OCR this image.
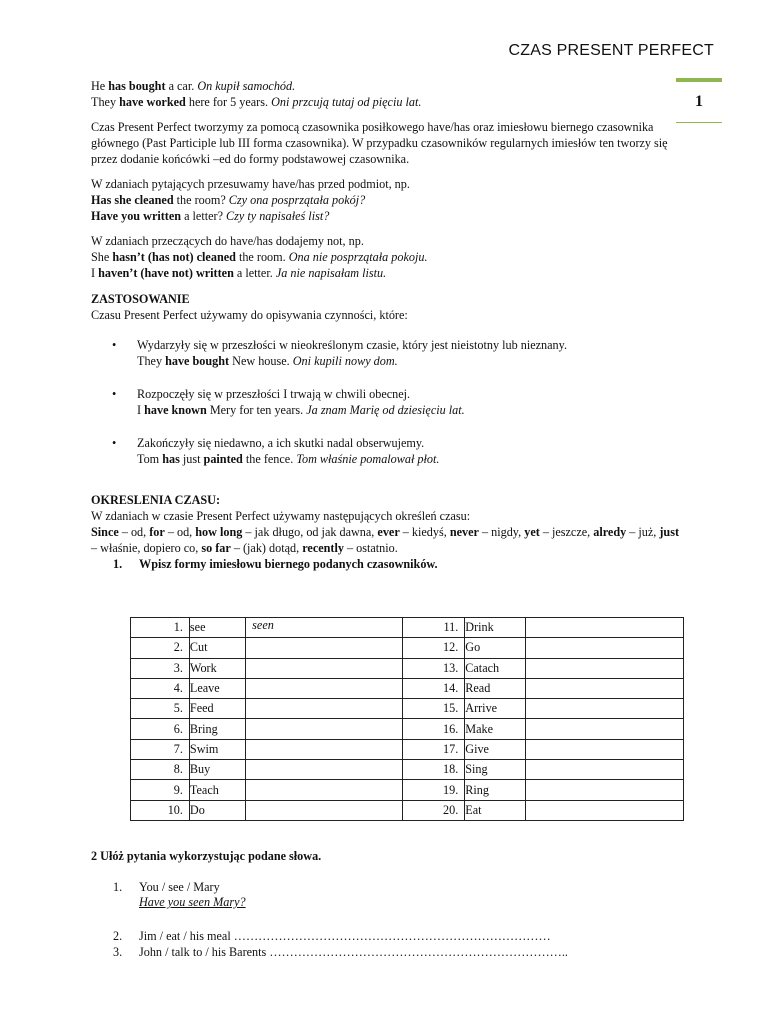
CZAS PRESENT PERFECT
1

He has bought a car. On kupił samochód.

They have worked here for 5 years. Oni przcują tutaj od pięciu lat.

Czas Present Perfect tworzymy za pomocą czasownika posiłkowego have/has oraz imiesłowu biernego czasownika głównego (Past Participle lub III forma czasownika). W przypadku czasowników regularnych imiesłów ten tworzy się przez dodanie końcówki –ed do formy podstawowej czasownika.

W zdaniach pytających przesuwamy have/has przed podmiot, np.

Has she cleaned the room? Czy ona posprzątała pokój?

Have you written a letter? Czy ty napisałeś list?

W zdaniach przeczących do have/has dodajemy not, np.

She hasn’t (has not) cleaned the room. Ona nie posprzątała pokoju.

I haven’t (have not) written a letter. Ja nie napisałam listu.

ZASTOSOWANIE

Czasu Present Perfect używamy do opisywania czynności, które:

• Wydarzyły się w przeszłości w nieokreślonym czasie, który jest nieistotny lub nieznany.
They have bought New house. Oni kupili nowy dom.
• Rozpoczęły się w przeszłości I trwają w chwili obecnej.
I have known Mery for ten years. Ja znam Marię od dziesięciu lat.
• Zakończyły się niedawno, a ich skutki nadal obserwujemy.
Tom has just painted the fence. Tom właśnie pomalował płot.

OKRESLENIA CZASU:

W zdaniach w czasie Present Perfect używamy następujących określeń czasu:

Since – od, for – od, how long – jak długo, od jak dawna, ever – kiedyś, never – nigdy, yet – jeszcze, alredy – już, just – właśnie, dopiero co, so far – (jak) dotąd, recently – ostatnio.

1. Wpisz formy imiesłowu biernego podanych czasowników.

1.	see	seen	11.	Drink	
2.	Cut		12.	Go	
3.	Work		13.	Catach	
4.	Leave		14.	Read	
5.	Feed		15.	Arrive	
6.	Bring		16.	Make	
7.	Swim		17.	Give	
8.	Buy		18.	Sing	
9.	Teach		19.	Ring	
10.	Do		20.	Eat	
2 Ułóż pytania wykorzystując podane słowa.
1. You / see / Mary
Have you seen Mary?
2. Jim / eat / his meal ……………………………………………………………………
3. John / talk to / his Barents ………………………………………………………………..
